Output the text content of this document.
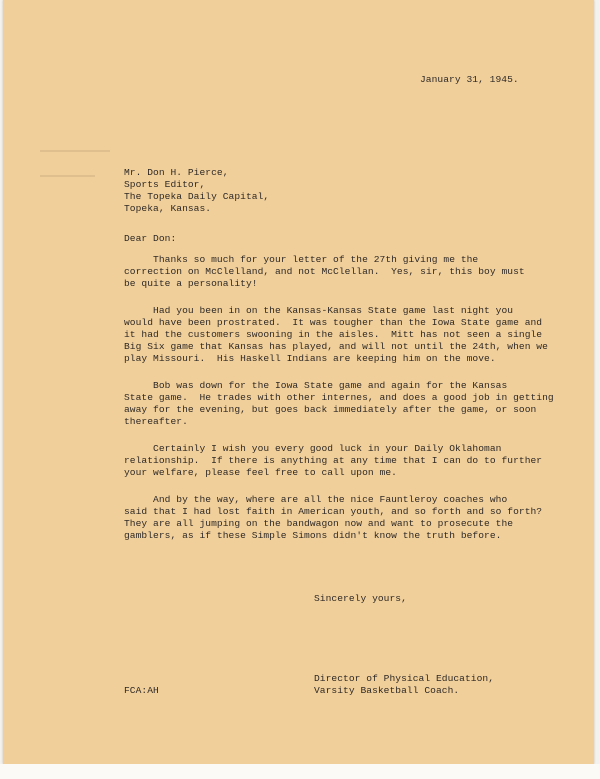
January 31, 1945.

Mr. Don H. Pierce,

Sports Editor,

The Topeka Daily Capital,

Topeka, Kansas.

Dear Don:

Thanks so much for your letter of the 27th giving me the

correction on McClelland, and not McClellan.  Yes, sir, this boy must

be quite a personality!

Had you been in on the Kansas-Kansas State game last night you

would have been prostrated.  It was tougher than the Iowa State game and

it had the customers swooning in the aisles.  Mitt has not seen a single

Big Six game that Kansas has played, and will not until the 24th, when we

play Missouri.  His Haskell Indians are keeping him on the move.

Bob was down for the Iowa State game and again for the Kansas

State game.  He trades with other internes, and does a good job in getting

away for the evening, but goes back immediately after the game, or soon

thereafter.

Certainly I wish you every good luck in your Daily Oklahoman

relationship.  If there is anything at any time that I can do to further

your welfare, please feel free to call upon me.

And by the way, where are all the nice Fauntleroy coaches who

said that I had lost faith in American youth, and so forth and so forth?

They are all jumping on the bandwagon now and want to prosecute the

gamblers, as if these Simple Simons didn't know the truth before.

Sincerely yours,

Director of Physical Education,

Varsity Basketball Coach.

FCA:AH
